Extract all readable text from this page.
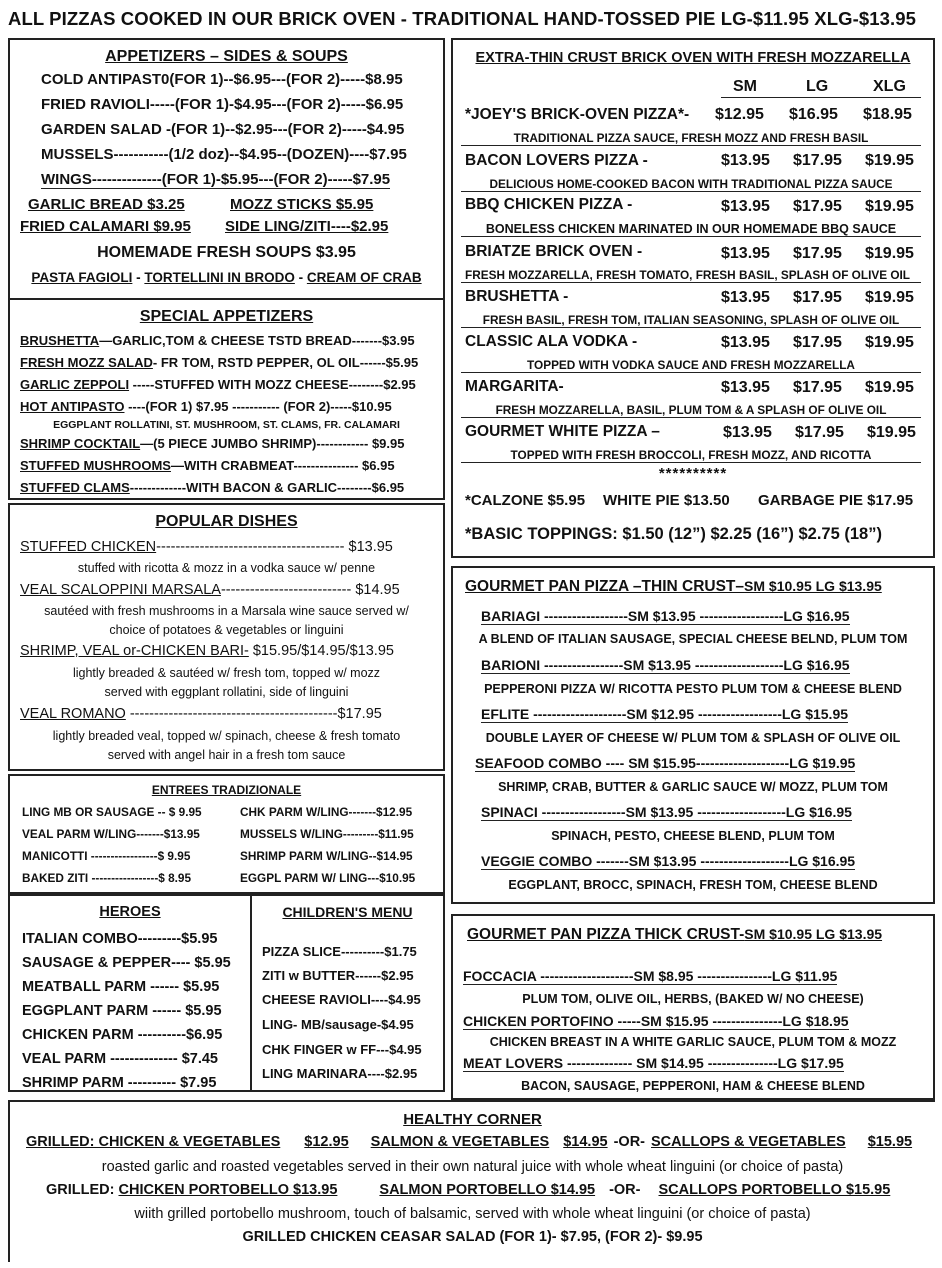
ALL PIZZAS COOKED IN OUR BRICK OVEN - TRADITIONAL HAND-TOSSED PIE LG-$11.95 XLG-$13.95
APPETIZERS – SIDES & SOUPS
COLD ANTIPAST0(FOR 1)--$6.95---(FOR 2)-----$8.95
FRIED RAVIOLI-----(FOR 1)-$4.95---(FOR 2)-----$6.95
GARDEN SALAD -(FOR 1)--$2.95---(FOR 2)-----$4.95
MUSSELS-----------(1/2 doz)--$4.95--(DOZEN)----$7.95
WINGS--------------(FOR 1)-$5.95---(FOR 2)-----$7.95
GARLIC BREAD $3.25	MOZZ STICKS $5.95
FRIED CALAMARI $9.95 SIDE LING/ZITI----$2.95
HOMEMADE FRESH SOUPS $3.95
PASTA FAGIOLI - TORTELLINI IN BRODO - CREAM OF CRAB
SPECIAL APPETIZERS
BRUSHETTA—GARLIC,TOM & CHEESE TSTD BREAD-------$3.95
FRESH MOZZ SALAD- FR TOM, RSTD PEPPER, OL OIL------$5.95
GARLIC ZEPPOLI -----STUFFED WITH MOZZ CHEESE--------$2.95
HOT ANTIPASTO ----(FOR 1) $7.95 ----------- (FOR 2)-----$10.95
EGGPLANT ROLLATINI, ST. MUSHROOM, ST. CLAMS, FR. CALAMARI
SHRIMP COCKTAIL—(5 PIECE JUMBO SHRIMP)------------ $9.95
STUFFED MUSHROOMS—WITH CRABMEAT--------------- $6.95
STUFFED CLAMS-------------WITH BACON & GARLIC--------$6.95
POPULAR DISHES
STUFFED CHICKEN--------------------------------------- $13.95
stuffed with ricotta & mozz in a vodka sauce w/ penne
VEAL SCALOPPINI MARSALA--------------------------- $14.95
sautéed with fresh mushrooms in a Marsala wine sauce served w/
choice of potatoes & vegetables or linguini
SHRIMP, VEAL or-CHICKEN BARI- $15.95/$14.95/$13.95
lightly breaded & sautéed w/ fresh tom, topped w/ mozz
served with eggplant rollatini, side of linguini
VEAL ROMANO -------------------------------------------$17.95
lightly breaded veal, topped w/ spinach, cheese & fresh tomato
served with angel hair in a fresh tom sauce
ENTREES TRADIZIONALE
LING MB OR SAUSAGE -- $ 9.95
VEAL PARM W/LING-------$13.95
MANICOTTI -----------------$ 9.95
BAKED ZITI -----------------$ 8.95
CHK PARM W/LING-------$12.95
MUSSELS W/LING---------$11.95
SHRIMP PARM W/LING--$14.95
EGGPL PARM W/ LING---$10.95
HEROES
ITALIAN COMBO---------$5.95
SAUSAGE & PEPPER---- $5.95
MEATBALL PARM ------ $5.95
EGGPLANT PARM ------ $5.95
CHICKEN PARM ----------$6.95
VEAL PARM -------------- $7.45
SHRIMP PARM ---------- $7.95
CHILDREN'S MENU
PIZZA SLICE----------$1.75
ZITI w BUTTER------$2.95
CHEESE RAVIOLI----$4.95
LING- MB/sausage-$4.95
CHK FINGER w FF---$4.95
LING MARINARA----$2.95
EXTRA-THIN CRUST BRICK OVEN WITH FRESH MOZZARELLA
SM	LG	XLG
*JOEY'S BRICK-OVEN PIZZA*- $12.95 $16.95 $18.95
TRADITIONAL PIZZA SAUCE, FRESH MOZZ AND FRESH BASIL
BACON LOVERS PIZZA -	$13.95 $17.95 $19.95
DELICIOUS HOME-COOKED BACON WITH TRADITIONAL PIZZA SAUCE
BBQ CHICKEN PIZZA -	$13.95 $17.95 $19.95
BONELESS CHICKEN MARINATED IN OUR HOMEMADE BBQ SAUCE
BRIATZE BRICK OVEN -	$13.95 $17.95 $19.95
FRESH MOZZARELLA, FRESH TOMATO, FRESH BASIL, SPLASH OF OLIVE OIL
BRUSHETTA -	$13.95 $17.95 $19.95
FRESH BASIL, FRESH TOM, ITALIAN SEASONING, SPLASH OF OLIVE OIL
CLASSIC ALA VODKA -	$13.95 $17.95 $19.95
TOPPED WITH VODKA SAUCE AND FRESH MOZZARELLA
MARGARITA-	$13.95 $17.95 $19.95
FRESH MOZZARELLA, BASIL, PLUM TOM & A SPLASH OF OLIVE OIL
GOURMET WHITE PIZZA –	$13.95 $17.95 $19.95
TOPPED WITH FRESH BROCCOLI, FRESH MOZZ, AND RICOTTA
**********
*CALZONE $5.95 WHITE PIE $13.50 GARBAGE PIE $17.95
*BASIC TOPPINGS: $1.50 (12”) $2.25 (16”) $2.75 (18”)
GOURMET PAN PIZZA –THIN CRUST–SM $10.95 LG $13.95
BARIAGI ------------------SM $13.95 ------------------LG $16.95
A BLEND OF ITALIAN SAUSAGE, SPECIAL CHEESE BELND, PLUM TOM
BARIONI -----------------SM $13.95 -------------------LG $16.95
PEPPERONI PIZZA W/ RICOTTA PESTO PLUM TOM & CHEESE BLEND
EFLITE --------------------SM $12.95 ------------------LG $15.95
DOUBLE LAYER OF CHEESE W/ PLUM TOM & SPLASH OF OLIVE OIL
SEAFOOD COMBO ---- SM $15.95--------------------LG $19.95
SHRIMP, CRAB, BUTTER & GARLIC SAUCE W/ MOZZ, PLUM TOM
SPINACI ------------------SM $13.95 -------------------LG $16.95
SPINACH, PESTO, CHEESE BLEND, PLUM TOM
VEGGIE COMBO -------SM $13.95 -------------------LG $16.95
EGGPLANT, BROCC, SPINACH, FRESH TOM, CHEESE BLEND
GOURMET PAN PIZZA THICK CRUST-SM $10.95 LG $13.95
FOCCACIA --------------------SM $8.95 ----------------LG $11.95
PLUM TOM, OLIVE OIL, HERBS, (BAKED W/ NO CHEESE)
CHICKEN PORTOFINO -----SM $15.95 ---------------LG $18.95
CHICKEN BREAST IN A WHITE GARLIC SAUCE, PLUM TOM & MOZZ
MEAT LOVERS -------------- SM $14.95 ---------------LG $17.95
BACON, SAUSAGE, PEPPERONI, HAM & CHEESE BLEND
HEALTHY CORNER
GRILLED: CHICKEN & VEGETABLES $12.95 SALMON & VEGETABLES $14.95 -OR- SCALLOPS & VEGETABLES $15.95
roasted garlic and roasted vegetables served in their own natural juice with whole wheat linguini (or choice of pasta)
GRILLED: CHICKEN PORTOBELLO $13.95	SALMON PORTOBELLO $14.95 -OR- SCALLOPS PORTOBELLO $15.95
wiith grilled portobello mushroom, touch of balsamic, served with whole wheat linguini (or choice of pasta)
GRILLED CHICKEN CEASAR SALAD (FOR 1)- $7.95, (FOR 2)- $9.95
